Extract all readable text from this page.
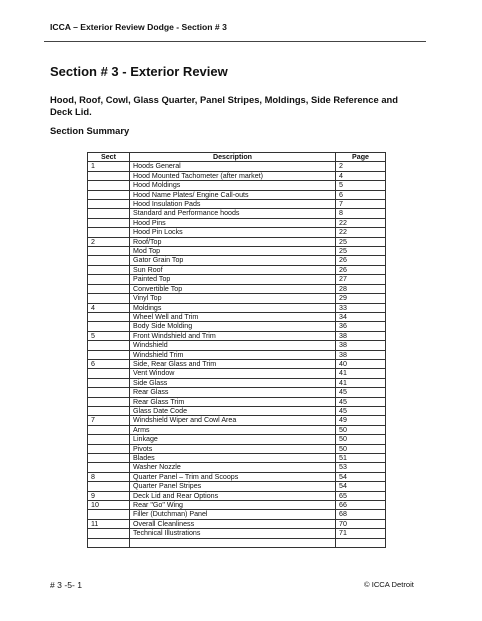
ICCA – Exterior Review Dodge - Section # 3
Section # 3 - Exterior Review
Hood, Roof, Cowl, Glass Quarter, Panel Stripes, Moldings, Side Reference and Deck Lid.
Section Summary
Sect	Description	Page
1	Hoods General	2
	Hood Mounted Tachometer (after market)	4
	Hood Moldings	5
	Hood Name Plates/ Engine Call-outs	6
	Hood Insulation Pads	7
	Standard and Performance hoods	8
	Hood Pins	22
	Hood Pin Locks	22
2	Roof/Top	25
	Mod Top	25
	Gator Grain Top	26
	Sun Roof	26
	Painted Top	27
	Convertible Top	28
	Vinyl Top	29
4	Moldings	33
	Wheel Well and Trim	34
	Body Side Molding	36
5	Front Windshield and Trim	38
	Windshield	38
	Windshield Trim	38
6	Side, Rear Glass and Trim	40
	Vent Window	41
	Side Glass	41
	Rear Glass	45
	Rear Glass Trim	45
	Glass Date Code	45
7	Windshield Wiper and Cowl Area	49
	Arms	50
	Linkage	50
	Pivots	50
	Blades	51
	Washer Nozzle	53
8	Quarter Panel – Trim and Scoops	54
	Quarter Panel Stripes	54
9	Deck Lid and Rear Options	65
10	Rear "Go" Wing	66
	Filler (Dutchman) Panel	68
11	Overall Cleanliness	70
	Technical Illustrations	71

# 3 -5- 1	© ICCA Detroit
